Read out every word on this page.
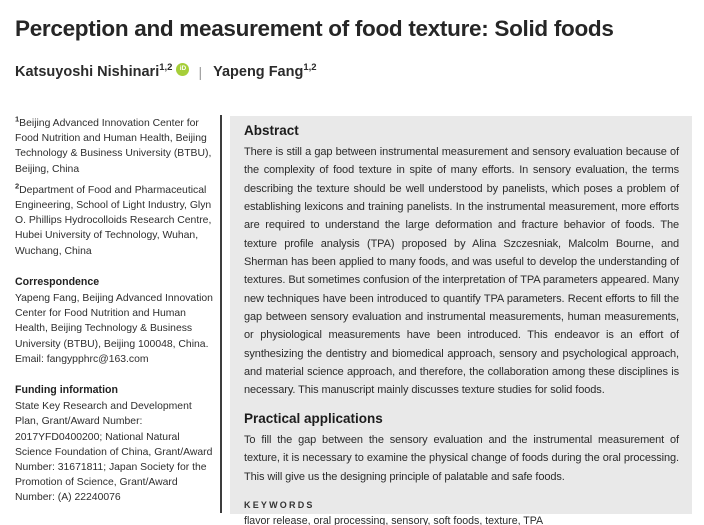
Perception and measurement of food texture: Solid foods
Katsuyoshi Nishinari$^{1,2}$ iD | Yapeng Fang$^{1,2}$

$^1$Beijing Advanced Innovation Center for Food Nutrition and Human Health, Beijing Technology & Business University (BTBU), Beijing, China

$^2$Department of Food and Pharmaceutical Engineering, School of Light Industry, Glyn O. Phillips Hydrocolloids Research Centre, Hubei University of Technology, Wuhan, Wuchang, China

Correspondence

Yapeng Fang, Beijing Advanced Innovation Center for Food Nutrition and Human Health, Beijing Technology & Business University (BTBU), Beijing 100048, China.

Email: fangypphrc@163.com

Funding information

State Key Research and Development Plan, Grant/Award Number: 2017YFD0400200; National Natural Science Foundation of China, Grant/Award Number: 31671811; Japan Society for the Promotion of Science, Grant/Award Number: (A) 22240076

Abstract

There is still a gap between instrumental measurement and sensory evaluation because of the complexity of food texture in spite of many efforts. In sensory evaluation, the terms describing the texture should be well understood by panelists, which poses a problem of establishing lexicons and training panelists. In the instrumental measurement, more efforts are required to understand the large deformation and fracture behavior of foods. The texture profile analysis (TPA) proposed by Alina Szczesniak, Malcolm Bourne, and Sherman has been applied to many foods, and was useful to develop the understanding of textures. But sometimes confusion of the interpretation of TPA parameters appeared. Many new techniques have been introduced to quantify TPA parameters. Recent efforts to fill the gap between sensory evaluation and instrumental measurements, human measurements, or physiological measurements have been introduced. This endeavor is an effort of synthesizing the dentistry and biomedical approach, sensory and psychological approach, and material science approach, and therefore, the collaboration among these disciplines is necessary. This manuscript mainly discusses texture studies for solid foods.

Practical applications

To fill the gap between the sensory evaluation and the instrumental measurement of texture, it is necessary to examine the physical change of foods during the oral processing. This will give us the designing principle of palatable and safe foods.

KEYWORDS

flavor release, oral processing, sensory, soft foods, texture, TPA
